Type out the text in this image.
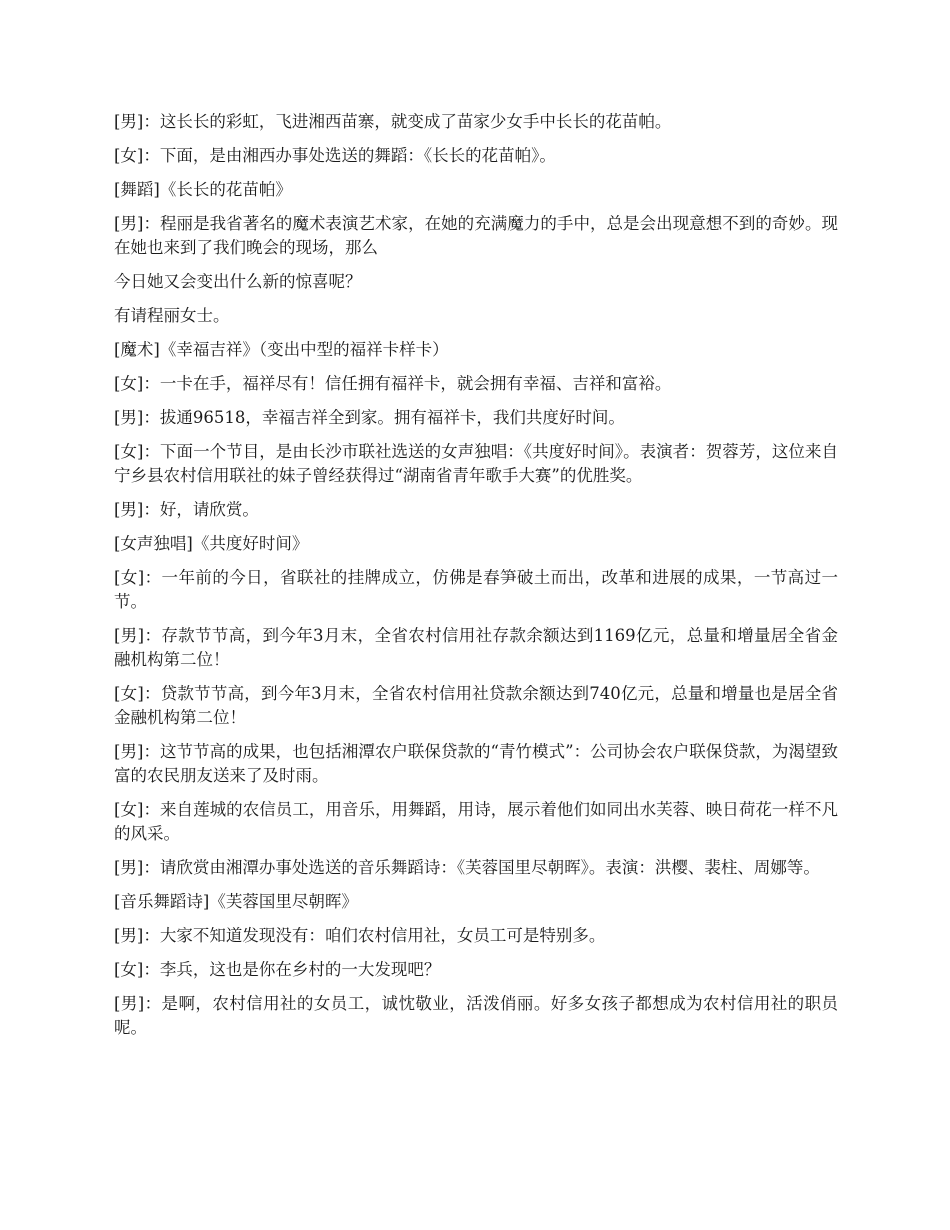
[男]：这长长的彩虹，飞进湘西苗寨，就变成了苗家少女手中长长的花苗帕。

[女]：下面，是由湘西办事处选送的舞蹈：《长长的花苗帕》。

[舞蹈]《长长的花苗帕》

[男]：程丽是我省著名的魔术表演艺术家，在她的充满魔力的手中，总是会出现意想不到的奇妙。现在她也来到了我们晚会的现场，那么

今日她又会变出什么新的惊喜呢？

有请程丽女士。

[魔术]《幸福吉祥》（变出中型的福祥卡样卡）

[女]：一卡在手，福祥尽有！信任拥有福祥卡，就会拥有幸福、吉祥和富裕。

[男]：拔通96518，幸福吉祥全到家。拥有福祥卡，我们共度好时间。

[女]：下面一个节目，是由长沙市联社选送的女声独唱：《共度好时间》。表演者：贺蓉芳，这位来自宁乡县农村信用联社的妹子曾经获得过“湖南省青年歌手大赛”的优胜奖。

[男]：好，请欣赏。

[女声独唱]《共度好时间》

[女]：一年前的今日，省联社的挂牌成立，仿佛是春笋破土而出，改革和进展的成果，一节高过一节。

[男]：存款节节高，到今年3月末，全省农村信用社存款余额达到1169亿元，总量和增量居全省金融机构第二位！

[女]：贷款节节高，到今年3月末，全省农村信用社贷款余额达到740亿元，总量和增量也是居全省金融机构第二位！

[男]：这节节高的成果，也包括湘潭农户联保贷款的“青竹模式”：公司协会农户联保贷款，为渴望致富的农民朋友送来了及时雨。

[女]：来自莲城的农信员工，用音乐，用舞蹈，用诗，展示着他们如同出水芙蓉、映日荷花一样不凡的风采。

[男]：请欣赏由湘潭办事处选送的音乐舞蹈诗：《芙蓉国里尽朝晖》。表演：洪樱、裴柱、周娜等。

[音乐舞蹈诗]《芙蓉国里尽朝晖》

[男]：大家不知道发现没有：咱们农村信用社，女员工可是特别多。

[女]：李兵，这也是你在乡村的一大发现吧？

[男]：是啊，农村信用社的女员工，诚忱敬业，活泼俏丽。好多女孩子都想成为农村信用社的职员呢。
